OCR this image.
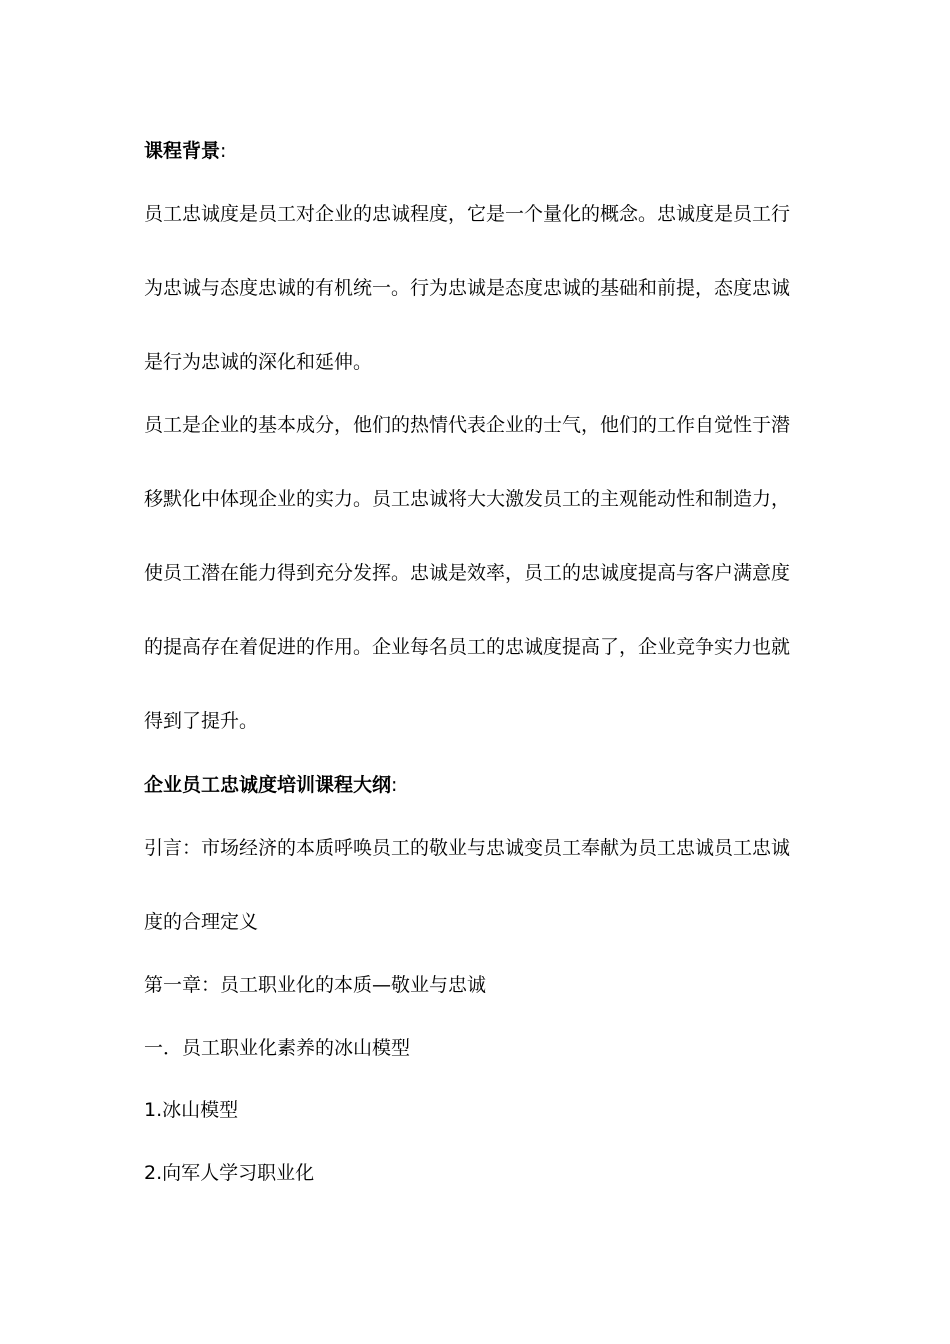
课程背景:
员工忠诚度是员工对企业的忠诚程度，它是一个量化的概念。忠诚度是员工行
为忠诚与态度忠诚的有机统一。行为忠诚是态度忠诚的基础和前提，态度忠诚
是行为忠诚的深化和延伸。
员工是企业的基本成分，他们的热情代表企业的士气，他们的工作自觉性于潜
移默化中体现企业的实力。员工忠诚将大大激发员工的主观能动性和制造力，
使员工潜在能力得到充分发挥。忠诚是效率，员工的忠诚度提高与客户满意度
的提高存在着促进的作用。企业每名员工的忠诚度提高了，企业竞争实力也就
得到了提升。
企业员工忠诚度培训课程大纲:
引言：市场经济的本质呼唤员工的敬业与忠诚变员工奉献为员工忠诚员工忠诚
度的合理定义
第一章：员工职业化的本质—敬业与忠诚
一．员工职业化素养的冰山模型
1.冰山模型
2.向军人学习职业化
